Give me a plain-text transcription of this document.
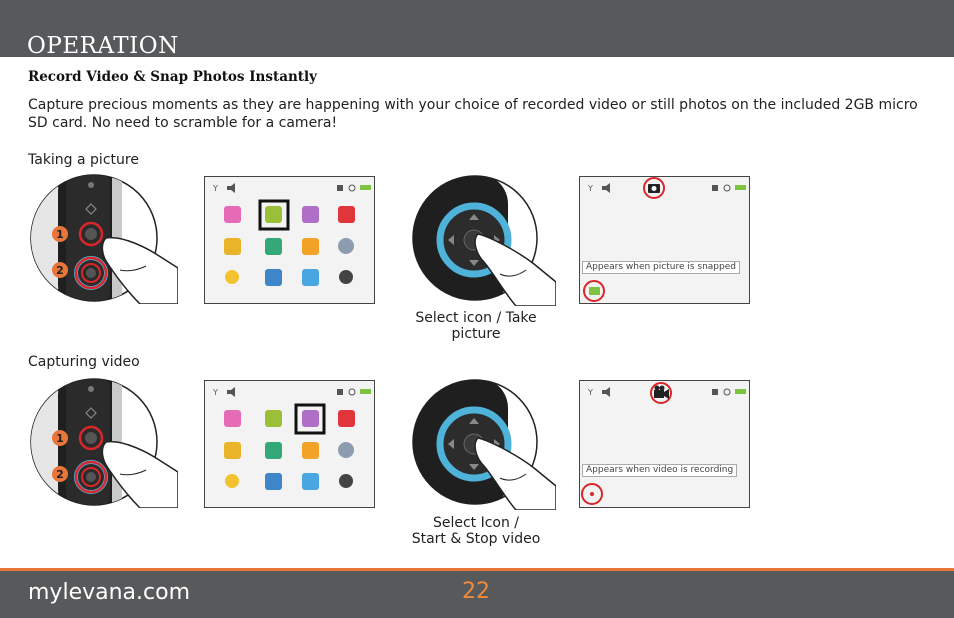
OPERATION
Record Video & Snap Photos Instantly
Capture precious moments as they are happening with your choice of recorded video or still photos on the included 2GB micro SD card. No need to scramble for a camera!
Taking a picture
1
2
Y
Select icon / Take
picture
Y
Appears when picture is snapped
Capturing video
1
2
Y
Select Icon /
Start & Stop video
Y
Appears when video is recording
mylevana.com	22
